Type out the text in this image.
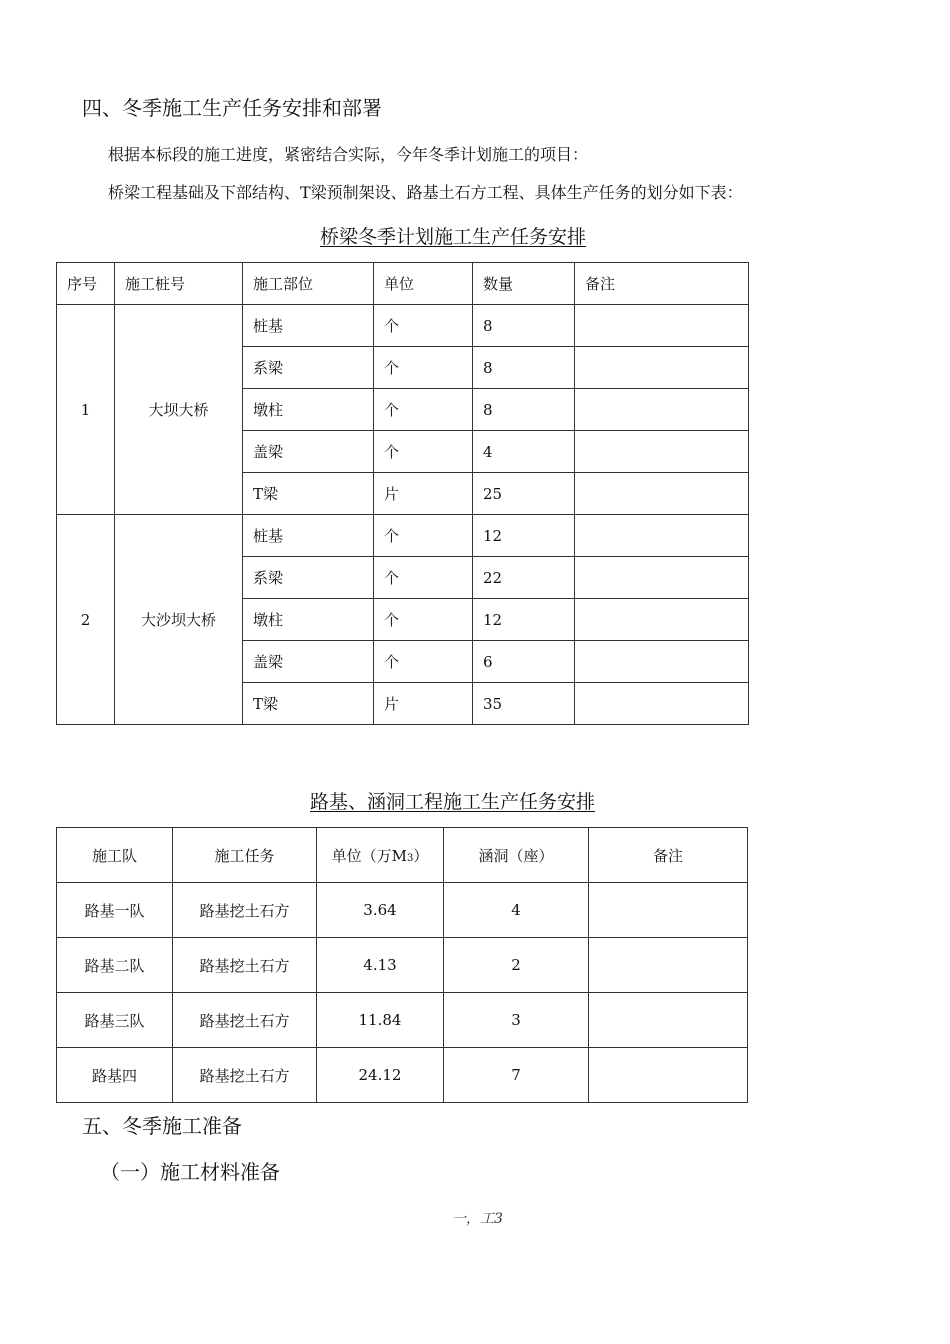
四、冬季施工生产任务安排和部署
根据本标段的施工进度，紧密结合实际，今年冬季计划施工的项目：
桥梁工程基础及下部结构、T梁预制架设、路基土石方工程、具体生产任务的划分如下表：
桥梁冬季计划施工生产任务安排
序号	施工桩号	施工部位	单位	数量	备注
1	大坝大桥	桩基	个	8	
		系梁	个	8	
		墩柱	个	8	
		盖梁	个	4	
		T梁	片	25	
2	大沙坝大桥	桩基	个	12	
		系梁	个	22	
		墩柱	个	12	
		盖梁	个	6	
		T梁	片	35	
路基、涵洞工程施工生产任务安排
施工队	施工任务	单位（万M3）	涵洞（座）	备注
路基一队	路基挖土石方	3.64	4	
路基二队	路基挖土石方	4.13	2	
路基三队	路基挖土石方	11.84	3	
路基四	路基挖土石方	24.12	7	
五、冬季施工准备
（一）施工材料准备
一，工3
